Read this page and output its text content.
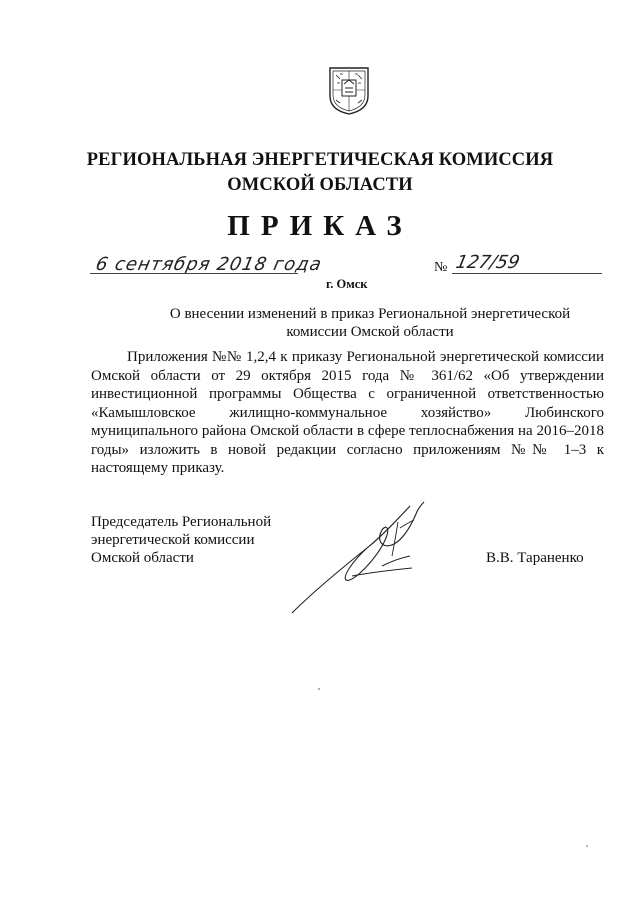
РЕГИОНАЛЬНАЯ ЭНЕРГЕТИЧЕСКАЯ КОМИССИЯ
ОМСКОЙ ОБЛАСТИ
ПРИКАЗ
6 сентября 2018 года
г. Омск
№ 127/59
О внесении изменений в приказ Региональной энергетической
комиссии Омской области
Приложения №№ 1,2,4 к приказу Региональной энергетической комиссии Омской области от 29 октября 2015 года № 361/62 «Об утверждении инвестиционной программы Общества с ограниченной ответственностью «Камышловское жилищно-коммунальное хозяйство» Любинского муниципального района Омской области в сфере теплоснабжения на 2016–2018 годы» изложить в новой редакции согласно приложениям №№ 1–3 к настоящему приказу.
Председатель Региональной
энергетической комиссии
Омской области	В.В. Тараненко
